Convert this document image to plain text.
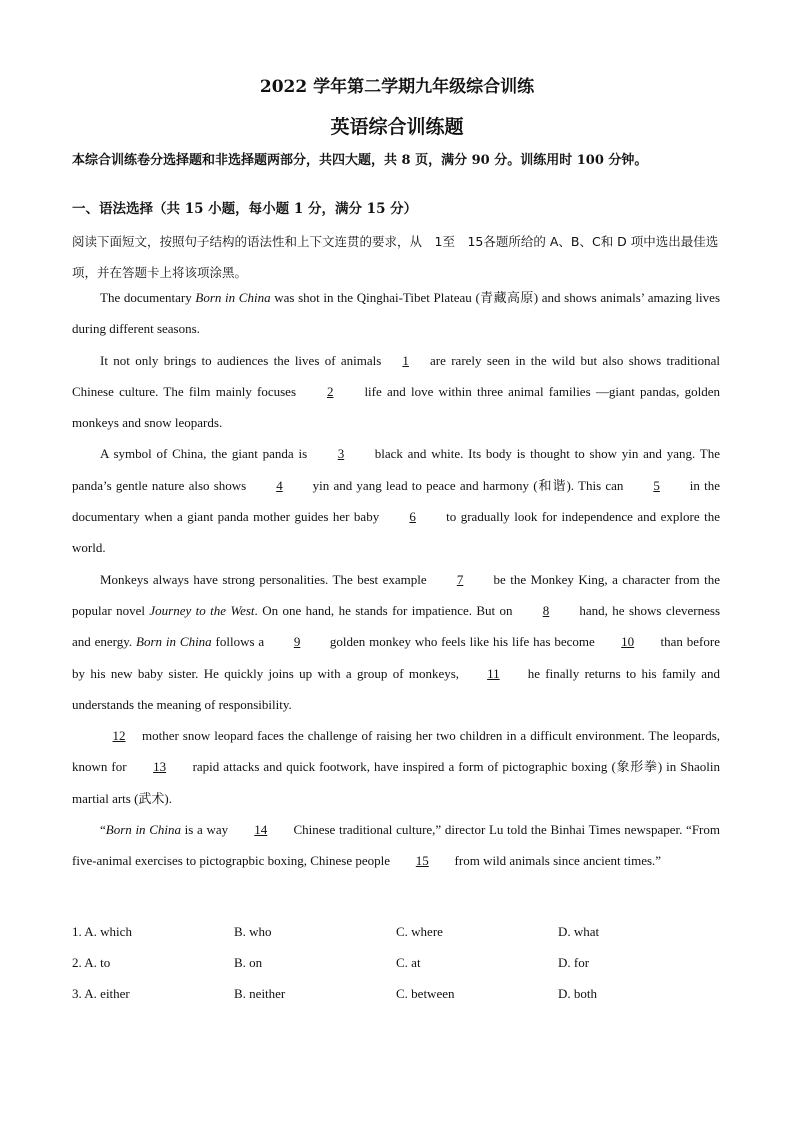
2022 学年第二学期九年级综合训练
英语综合训练题
本综合训练卷分选择题和非选择题两部分，共四大题，共 8 页，满分 90 分。训练用时 100 分钟。
一、语法选择（共 15 小题，每小题 1 分，满分 15 分）
阅读下面短文，按照句子结构的语法性和上下文连贯的要求，从　1至　15各题所给的 A、B、C和 D 项中选出最佳选项，并在答题卡上将该项涂黑。

The documentary Born in China was shot in the Qinghai-Tibet Plateau (青藏高原) and shows animals’ amazing lives during different seasons.

It not only brings to audiences the lives of animals 1 are rarely seen in the wild but also shows traditional Chinese culture. The film mainly focuses 2 life and love within three animal families —giant pandas, golden monkeys and snow leopards.

A symbol of China, the giant panda is 3 black and white. Its body is thought to show yin and yang. The panda’s gentle nature also shows 4 yin and yang lead to peace and harmony (和谐). This can 5 in the documentary when a giant panda mother guides her baby 6 to gradually look for independence and explore the world.

Monkeys always have strong personalities. The best example 7 be the Monkey King, a character from the popular novel Journey to the West. On one hand, he stands for impatience. But on 8 hand, he shows cleverness and energy. Born in China follows a 9 golden monkey who feels like his life has become 10 than before by his new baby sister. He quickly joins up with a group of monkeys, 11 he finally returns to his family and understands the meaning of responsibility.

12 mother snow leopard faces the challenge of raising her two children in a difficult environment. The leopards, known for 13 rapid attacks and quick footwork, have inspired a form of pictographic boxing (象形拳) in Shaolin martial arts (武术).

“Born in China is a way 14 Chinese traditional culture,” director Lu told the Binhai Times newspaper. “From five-animal exercises to pictograpbic boxing, Chinese people 15 from wild animals since ancient times.”

1. A. which	B. who	C. where	D. what
2. A. to	B. on	C. at	D. for
3. A. either	B. neither	C. between	D. both
